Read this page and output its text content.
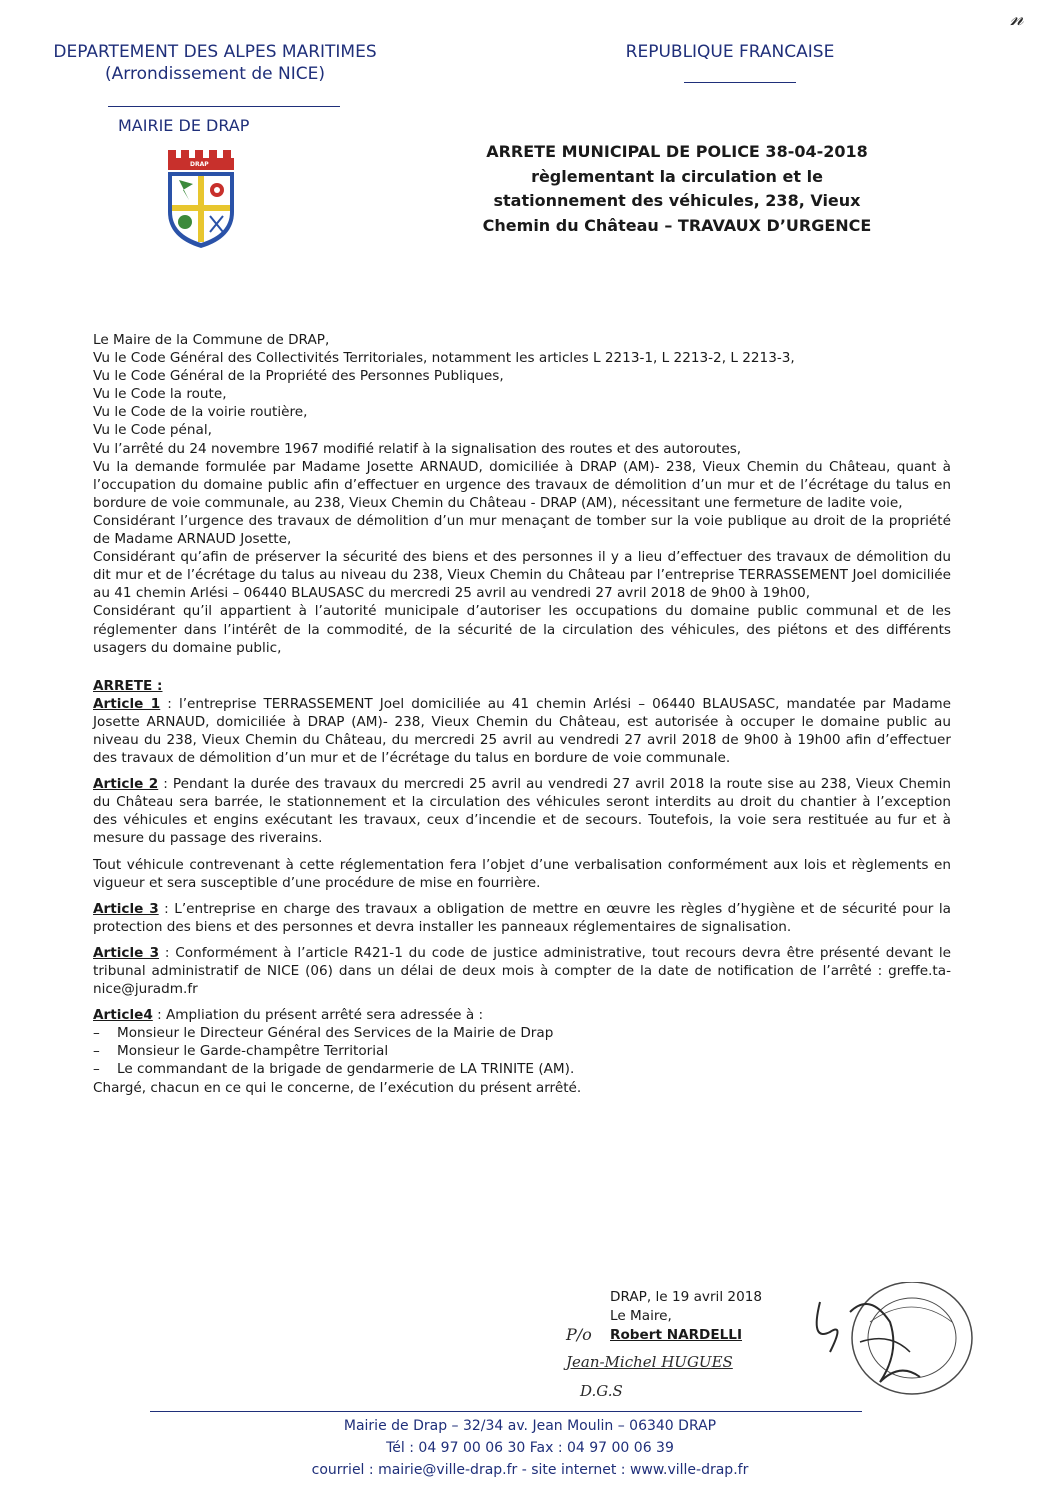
DEPARTEMENT DES ALPES MARITIMES
(Arrondissement de NICE)
MAIRIE DE DRAP
REPUBLIQUE FRANCAISE
DRAP
ARRETE MUNICIPAL DE POLICE 38-04-2018
règlementant la circulation et le
stationnement des véhicules, 238, Vieux
Chemin du Château – TRAVAUX D’URGENCE
𝓃

Le Maire de la Commune de DRAP,

Vu le Code Général des Collectivités Territoriales, notamment les articles L 2213-1, L 2213-2, L 2213-3,

Vu le Code Général de la Propriété des Personnes Publiques,

Vu le Code la route,

Vu le Code de la voirie routière,

Vu le Code pénal,

Vu l’arrêté du 24 novembre 1967 modifié relatif à la signalisation des routes et des autoroutes,

Vu la demande formulée par Madame Josette ARNAUD, domiciliée à DRAP (AM)- 238, Vieux Chemin du Château, quant à l’occupation du domaine public afin d’effectuer en urgence des travaux de démolition d’un mur et de l’écrétage du talus en bordure de voie communale, au 238, Vieux Chemin du Château - DRAP (AM), nécessitant une fermeture de ladite voie,

Considérant l’urgence des travaux de démolition d’un mur menaçant de tomber sur la voie publique au droit de la propriété de Madame ARNAUD Josette,

Considérant qu’afin de préserver la sécurité des biens et des personnes il y a lieu d’effectuer des travaux de démolition du dit mur et de l’écrétage du talus au niveau du 238, Vieux Chemin du Château par l’entreprise TERRASSEMENT Joel domiciliée au 41 chemin Arlési – 06440 BLAUSASC du mercredi 25 avril au vendredi 27 avril 2018 de 9h00 à 19h00,

Considérant qu’il appartient à l’autorité municipale d’autoriser les occupations du domaine public communal et de les réglementer dans l’intérêt de la commodité, de la sécurité de la circulation des véhicules, des piétons et des différents usagers du domaine public,

ARRETE :

Article 1 : l’entreprise TERRASSEMENT Joel domiciliée au 41 chemin Arlési – 06440 BLAUSASC, mandatée par Madame Josette ARNAUD, domiciliée à DRAP (AM)- 238, Vieux Chemin du Château, est autorisée à occuper le domaine public au niveau du 238, Vieux Chemin du Château, du mercredi 25 avril au vendredi 27 avril 2018 de 9h00 à 19h00 afin d’effectuer des travaux de démolition d’un mur et de l’écrétage du talus en bordure de voie communale.

Article 2 : Pendant la durée des travaux du mercredi 25 avril au vendredi 27 avril 2018 la route sise au 238, Vieux Chemin du Château sera barrée, le stationnement et la circulation des véhicules seront interdits au droit du chantier à l’exception des véhicules et engins exécutant les travaux, ceux d’incendie et de secours. Toutefois, la voie sera restituée au fur et à mesure du passage des riverains.

Tout véhicule contrevenant à cette réglementation fera l’objet d’une verbalisation conformément aux lois et règlements en vigueur et sera susceptible d’une procédure de mise en fourrière.

Article 3 : L’entreprise en charge des travaux a obligation de mettre en œuvre les règles d’hygiène et de sécurité pour la protection des biens et des personnes et devra installer les panneaux réglementaires de signalisation.

Article 3 : Conformément à l’article R421-1 du code de justice administrative, tout recours devra être présenté devant le tribunal administratif de NICE (06) dans un délai de deux mois à compter de la date de notification de l’arrêté : greffe.ta-nice@juradm.fr

Article4 : Ampliation du présent arrêté sera adressée à :

– Monsieur le Directeur Général des Services de la Mairie de Drap
– Monsieur le Garde-champêtre Territorial
– Le commandant de la brigade de gendarmerie de LA TRINITE (AM).

Chargé, chacun en ce qui le concerne, de l’exécution du présent arrêté.

DRAP, le 19 avril 2018
Le Maire,
Robert NARDELLI
P/o
Jean-Michel HUGUES
D.G.S
Mairie de Drap – 32/34 av. Jean Moulin – 06340 DRAP
Tél : 04 97 00 06 30 Fax : 04 97 00 06 39
courriel : mairie@ville-drap.fr - site internet : www.ville-drap.fr
